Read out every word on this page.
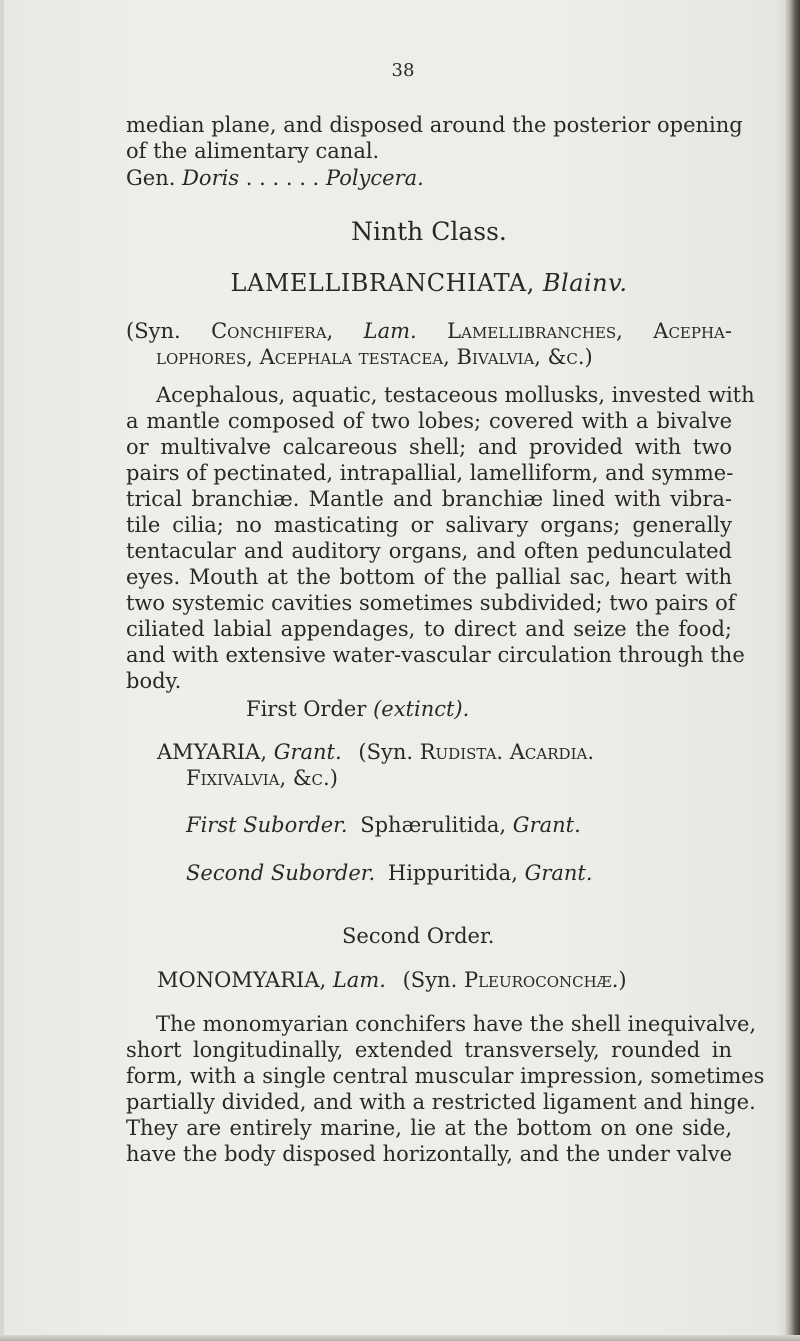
38
median plane, and disposed around the posterior opening
of the alimentary canal.
Gen. Doris . . . . . . Polycera.
Ninth Class.
LAMELLIBRANCHIATA, Blainv.
(Syn. Conchifera, Lam. Lamellibranches, Acepha-
lophores, Acephala testacea, Bivalvia, &c.)
Acephalous, aquatic, testaceous mollusks, invested with
a mantle composed of two lobes; covered with a bivalve
or multivalve calcareous shell; and provided with two
pairs of pectinated, intrapallial, lamelliform, and symme-
trical branchiæ. Mantle and branchiæ lined with vibra-
tile cilia; no masticating or salivary organs; generally
tentacular and auditory organs, and often pedunculated
eyes. Mouth at the bottom of the pallial sac, heart with
two systemic cavities sometimes subdivided; two pairs of
ciliated labial appendages, to direct and seize the food;
and with extensive water-vascular circulation through the
body.
First Order (extinct).
AMYARIA, Grant. (Syn. Rudista. Acardia.
Fixivalvia, &c.)
First Suborder. Sphærulitida, Grant.
Second Suborder. Hippuritida, Grant.
Second Order.
MONOMYARIA, Lam. (Syn. Pleuroconchæ.)
The monomyarian conchifers have the shell inequivalve,
short longitudinally, extended transversely, rounded in
form, with a single central muscular impression, sometimes
partially divided, and with a restricted ligament and hinge.
They are entirely marine, lie at the bottom on one side,
have the body disposed horizontally, and the under valve
